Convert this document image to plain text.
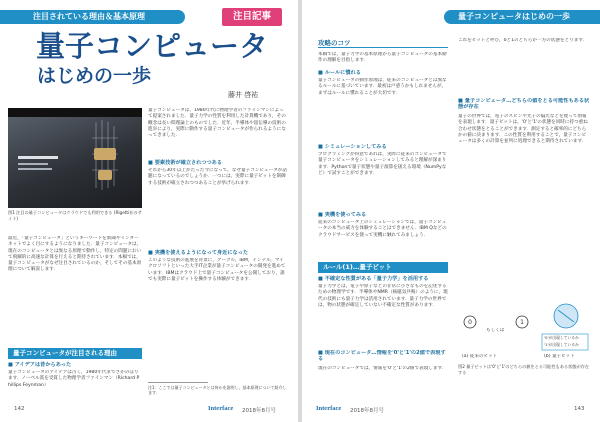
注目されている理由＆基本原理	注目記事
量子コンピュータ
はじめの一歩
藤井 啓祐
図1 注目の量子コンピュータはクラウドでも利用できる (Rigetti社のサイト)
最近，「量子コンピュータ」というキーワードを新聞やインターネットでよく目にするようになりました．量子コンピュータは，現在のコンピュータとは異なる原理で動作し，特定の問題において飛躍的に高速な計算を行えると期待されています．本稿では，量子コンピュータがなぜ注目されているのか，そしてその基本原理について解説します．
量子コンピュータは，1980年代に物理学者のファインマンによって提案されました．量子力学の性質を利用した計算機であり，その概念は長い間理論上のものでした．近年，半導体や超伝導の技術の進歩により，実際に動作する量子コンピュータが作られるようになってきました．
量子コンピュータが注目される理由
■ アイデアは昔からあった
量子コンピュータのアイデアは古く，1980年代までさかのぼります．ノーベル賞を受賞した物理学者ファインマン（Richard Phillips Feynman）
■ 要素技術が確立されつつある
それから30年以上がたった今になって，なぜ量子コンピュータが話題になっているのでしょうか．一つには，実際に量子ビットを制御する技術が確立されつつあることが挙げられます．
■ 実機を使えるようになって身近になった
このような技術の進展を背景に，グーグル，IBM，インテル，マイクロソフトといった大手IT企業が量子コンピュータの開発を進めています．IBMはクラウド上で量子コンピュータを公開しており，誰でも実際に量子ビットを操作する体験ができます．
注1：ここでは量子コンピュータとは何かを説明し，基本原理について紹介します．
142	Interface 2018年8月号
量子コンピュータはじめの一歩
攻略のコツ
本稿では，量子力学の基本原理から量子コンピュータの基本動作の理解を目指します．
■ ルールに慣れる
量子コンピュータの動作原理は，従来のコンピュータとは異なるルールに基づいています．最初は戸惑うかもしれませんが，まずはルールに慣れることが大切です．
■ シミュレーションしてみる
プログラミングが得意であれば，実際に従来のコンピュータで量子コンピュータをシミュレーションしてみると理解が深まります．Pythonで量子状態や量子演算を扱える環境（NumPyなど）で試すことができます．
■ 実機を使ってみる
従来のコンピュータ上のシミュレーションでは，量子コンピュータの本当の威力を体験することはできません．IBM Qなどのクラウドサービスを使って実機に触れてみましょう．
ルール(1)…量子ビット
■ 不確定な性質がある「量子力学」を活用する
量子力学とは，電子や原子などの非常に小さなものを記述するための物理学です．半導体やNMR（核磁気共鳴）のように，現代の技術にも量子力学は活用されています．量子力学の世界では，物の状態が確定していない不確定な性質があります．
■ 現在のコンピュータ…情報を'0'と'1'の2値で表現する
現在のコンピュータでは，情報を'0'と'1'の2値で表現します．
これをビットと呼び，0と1のどちらか一方の状態をとります．
■ 量子コンピュータ…どちらの値をとる可能性もある状態が存在
量子の世界では，電子のスピンや光子の偏光などを使って情報を表現します．量子ビットは，'0'と'1'の状態を同時に持つ重ね合わせ状態をとることができます．測定すると確率的にどちらかの値に決まります．この性質を利用することで，量子コンピュータは多くの計算を並列に処理できると期待されています．
0	1
もしくは
'0'が出現しているか
'1'が出現しているか
(a) 従来のビット	(b) 量子ビット
図2 量子ビットは'0'と'1'のどちらの値をとる可能性もある状態が存在する
Interface 2018年8月号	143
